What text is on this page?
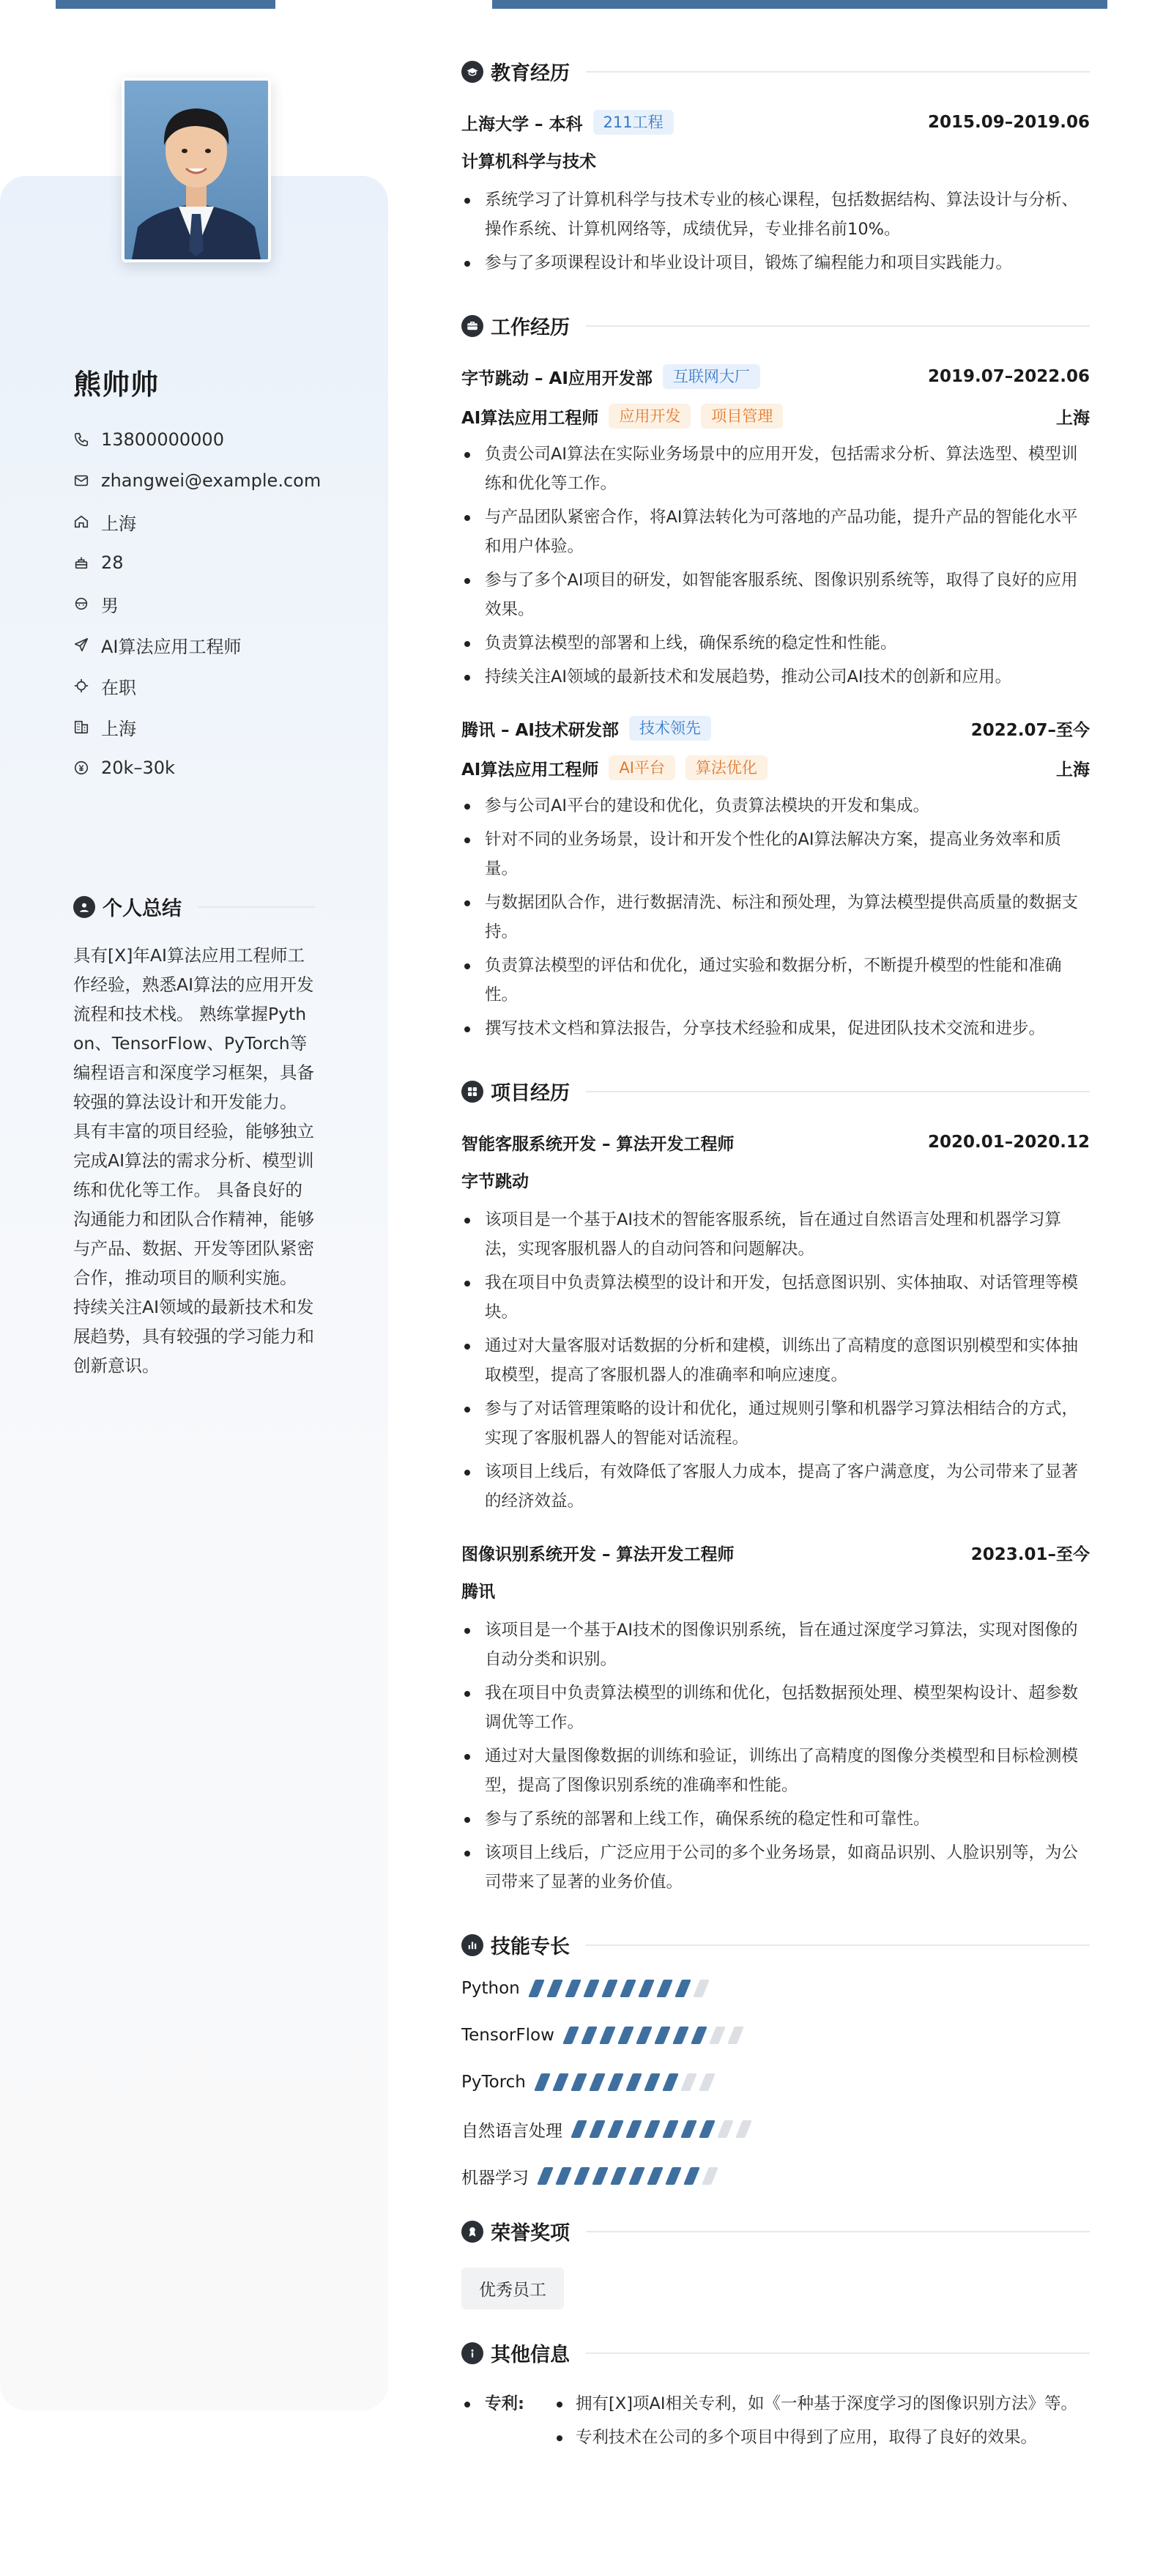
熊帅帅
13800000000
zhangwei@example.com
上海
28
男
AI算法应用工程师
在职
上海
20k–30k
个人总结
具有[X]年AI算法应用工程师工作经验，熟悉AI算法的应用开发流程和技术栈。 熟练掌握Python、TensorFlow、PyTorch等编程语言和深度学习框架，具备较强的算法设计和开发能力。 具有丰富的项目经验，能够独立完成AI算法的需求分析、模型训练和优化等工作。 具备良好的沟通能力和团队合作精神，能够与产品、数据、开发等团队紧密合作，推动项目的顺利实施。 持续关注AI领域的最新技术和发展趋势，具有较强的学习能力和创新意识。
教育经历
上海大学 – 本科	211工程	2015.09–2019.06
计算机科学与技术
系统学习了计算机科学与技术专业的核心课程，包括数据结构、算法设计与分析、操作系统、计算机网络等，成绩优异，专业排名前10%。
参与了多项课程设计和毕业设计项目，锻炼了编程能力和项目实践能力。
工作经历
字节跳动 – AI应用开发部	互联网大厂	2019.07–2022.06
AI算法应用工程师	应用开发	项目管理	上海
负责公司AI算法在实际业务场景中的应用开发，包括需求分析、算法选型、模型训练和优化等工作。
与产品团队紧密合作，将AI算法转化为可落地的产品功能，提升产品的智能化水平和用户体验。
参与了多个AI项目的研发，如智能客服系统、图像识别系统等，取得了良好的应用效果。
负责算法模型的部署和上线，确保系统的稳定性和性能。
持续关注AI领域的最新技术和发展趋势，推动公司AI技术的创新和应用。
腾讯 – AI技术研发部	技术领先	2022.07–至今
AI算法应用工程师	AI平台	算法优化	上海
参与公司AI平台的建设和优化，负责算法模块的开发和集成。
针对不同的业务场景，设计和开发个性化的AI算法解决方案，提高业务效率和质量。
与数据团队合作，进行数据清洗、标注和预处理，为算法模型提供高质量的数据支持。
负责算法模型的评估和优化，通过实验和数据分析，不断提升模型的性能和准确性。
撰写技术文档和算法报告，分享技术经验和成果，促进团队技术交流和进步。
项目经历
智能客服系统开发 – 算法开发工程师	2020.01–2020.12
字节跳动
该项目是一个基于AI技术的智能客服系统，旨在通过自然语言处理和机器学习算法，实现客服机器人的自动问答和问题解决。
我在项目中负责算法模型的设计和开发，包括意图识别、实体抽取、对话管理等模块。
通过对大量客服对话数据的分析和建模，训练出了高精度的意图识别模型和实体抽取模型，提高了客服机器人的准确率和响应速度。
参与了对话管理策略的设计和优化，通过规则引擎和机器学习算法相结合的方式，实现了客服机器人的智能对话流程。
该项目上线后，有效降低了客服人力成本，提高了客户满意度，为公司带来了显著的经济效益。
图像识别系统开发 – 算法开发工程师	2023.01–至今
腾讯
该项目是一个基于AI技术的图像识别系统，旨在通过深度学习算法，实现对图像的自动分类和识别。
我在项目中负责算法模型的训练和优化，包括数据预处理、模型架构设计、超参数调优等工作。
通过对大量图像数据的训练和验证，训练出了高精度的图像分类模型和目标检测模型，提高了图像识别系统的准确率和性能。
参与了系统的部署和上线工作，确保系统的稳定性和可靠性。
该项目上线后，广泛应用于公司的多个业务场景，如商品识别、人脸识别等，为公司带来了显著的业务价值。
技能专长
Python
TensorFlow
PyTorch
自然语言处理
机器学习
荣誉奖项
优秀员工
其他信息
专利:	拥有[X]项AI相关专利，如《一种基于深度学习的图像识别方法》等。
专利技术在公司的多个项目中得到了应用，取得了良好的效果。
